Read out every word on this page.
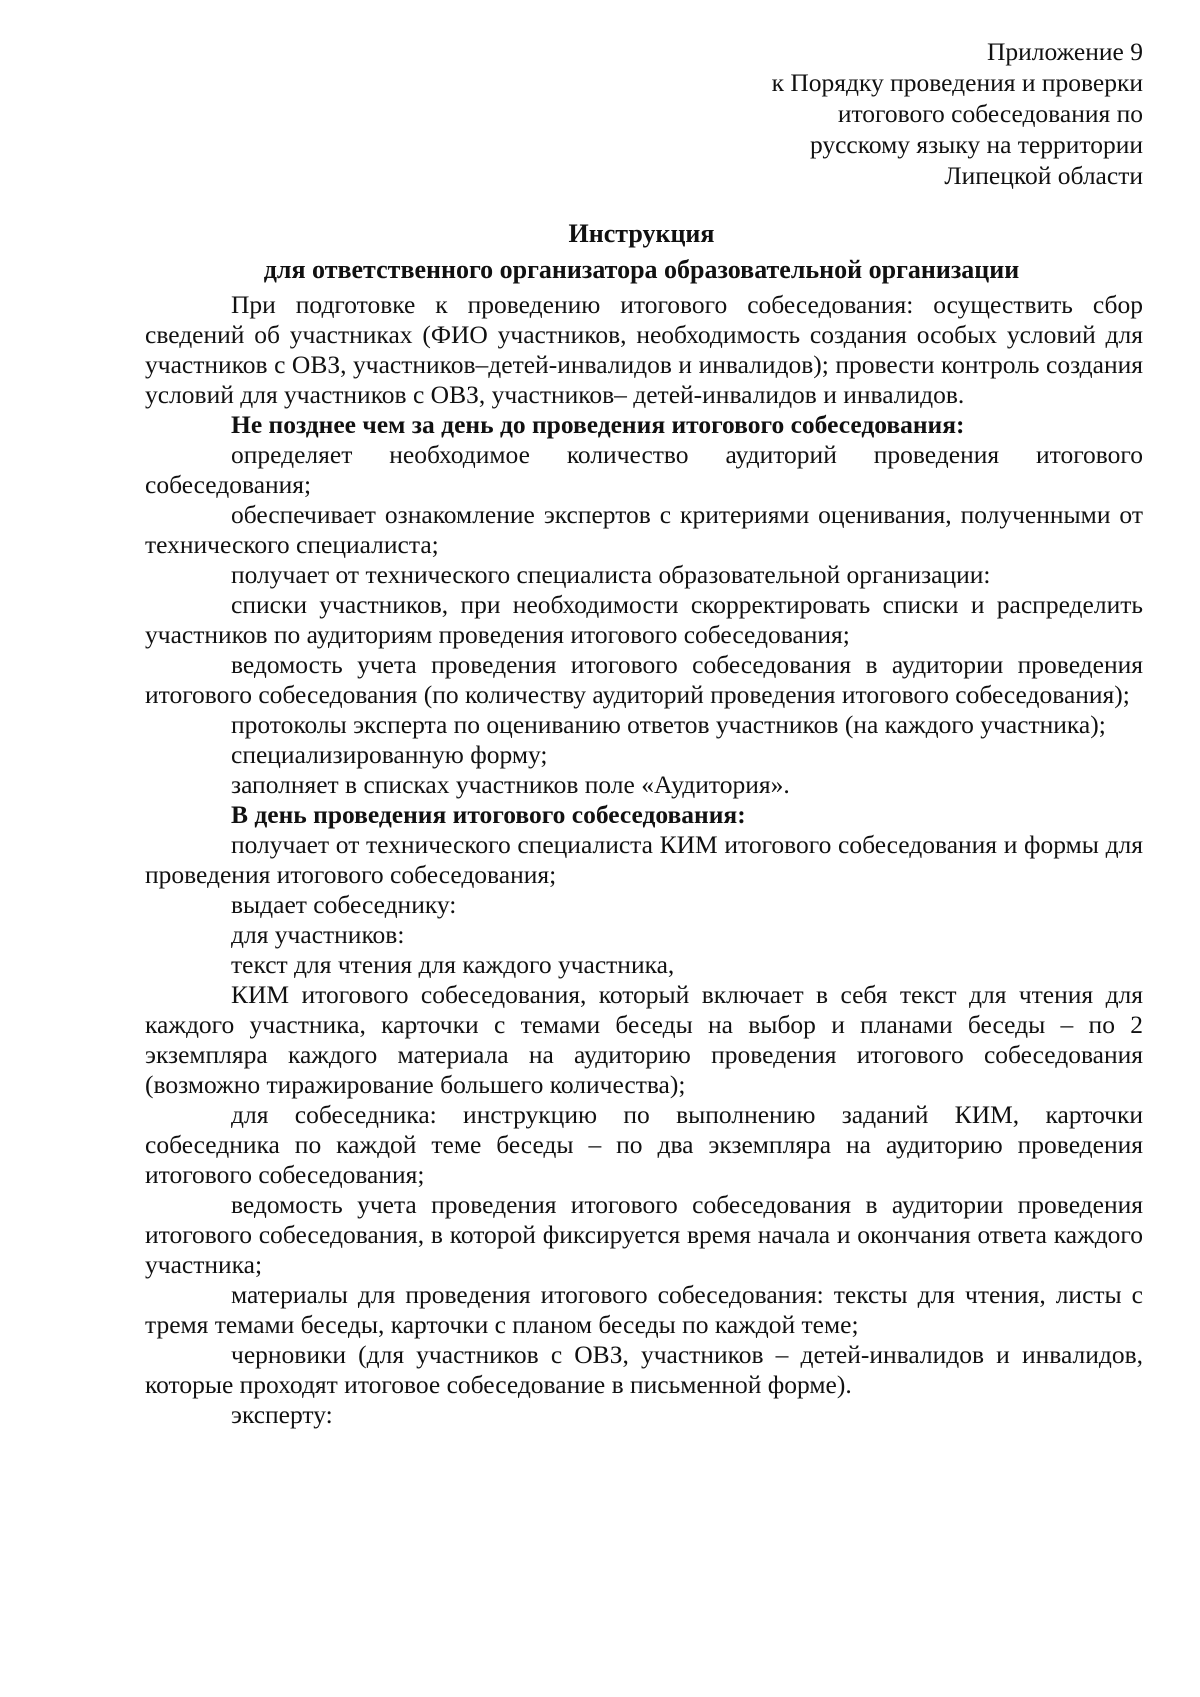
Приложение 9
к Порядку проведения и проверки
итогового собеседования по
русскому языку на территории
Липецкой области
Инструкция
для ответственного организатора образовательной организации

При подготовке к проведению итогового собеседования: осуществить сбор сведений об участниках (ФИО участников, необходимость создания особых условий для участников с ОВЗ, участников–детей-инвалидов и инвалидов); провести контроль создания условий для участников с ОВЗ, участников– детей-инвалидов и инвалидов.

Не позднее чем за день до проведения итогового собеседования:

определяет необходимое количество аудиторий проведения итогового собеседования;

обеспечивает ознакомление экспертов с критериями оценивания, полученными от технического специалиста;

получает от технического специалиста образовательной организации:

списки участников, при необходимости скорректировать списки и распределить участников по аудиториям проведения итогового собеседования;

ведомость учета проведения итогового собеседования в аудитории проведения итогового собеседования (по количеству аудиторий проведения итогового собеседования);

протоколы эксперта по оцениванию ответов участников (на каждого участника);

специализированную форму;

заполняет в списках участников поле «Аудитория».

В день проведения итогового собеседования:

получает от технического специалиста КИМ итогового собеседования и формы для проведения итогового собеседования;

выдает собеседнику:

для участников:

текст для чтения для каждого участника,

КИМ итогового собеседования, который включает в себя текст для чтения для каждого участника, карточки с темами беседы на выбор и планами беседы – по 2 экземпляра каждого материала на аудиторию проведения итогового собеседования (возможно тиражирование большего количества);

для собеседника: инструкцию по выполнению заданий КИМ, карточки собеседника по каждой теме беседы – по два экземпляра на аудиторию проведения итогового собеседования;

ведомость учета проведения итогового собеседования в аудитории проведения итогового собеседования, в которой фиксируется время начала и окончания ответа каждого участника;

материалы для проведения итогового собеседования: тексты для чтения, листы с тремя темами беседы, карточки с планом беседы по каждой теме;

черновики (для участников с ОВЗ, участников – детей-инвалидов и инвалидов, которые проходят итоговое собеседование в письменной форме).

эксперту:
